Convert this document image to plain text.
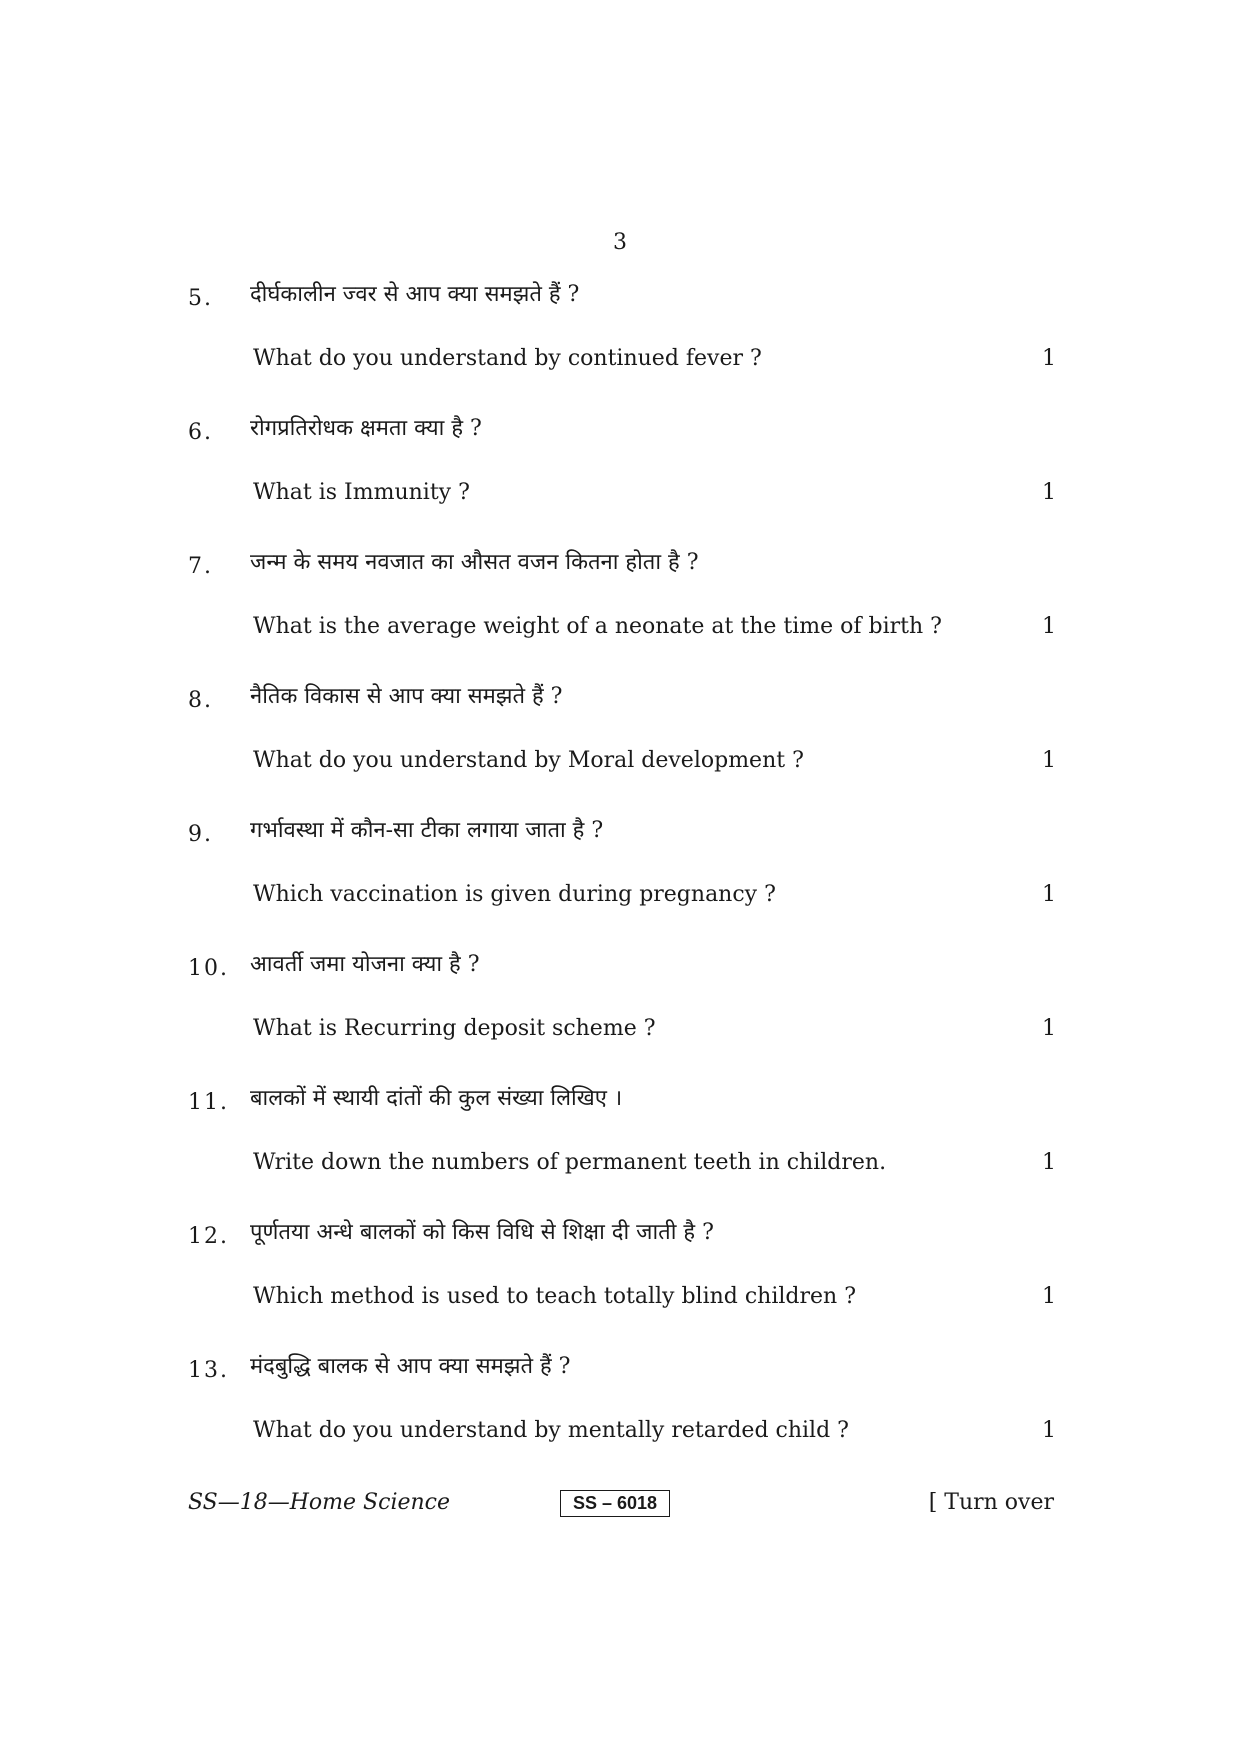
3
5. दीर्घकालीन ज्वर से आप क्या समझते हैं ?
What do you understand by continued fever ?	1
6. रोगप्रतिरोधक क्षमता क्या है ?
What is Immunity ?	1
7. जन्म के समय नवजात का औसत वजन कितना होता है ?
What is the average weight of a neonate at the time of birth ?	1
8. नैतिक विकास से आप क्या समझते हैं ?
What do you understand by Moral development ?	1
9. गर्भावस्था में कौन-सा टीका लगाया जाता है ?
Which vaccination is given during pregnancy ?	1
10. आवर्ती जमा योजना क्या है ?
What is Recurring deposit scheme ?	1
11. बालकों में स्थायी दांतों की कुल संख्या लिखिए ।
Write down the numbers of permanent teeth in children.	1
12. पूर्णतया अन्धे बालकों को किस विधि से शिक्षा दी जाती है ?
Which method is used to teach totally blind children ?	1
13. मंदबुद्धि बालक से आप क्या समझते हैं ?
What do you understand by mentally retarded child ?	1
SS—18—Home Science	SS – 6018	[ Turn over
